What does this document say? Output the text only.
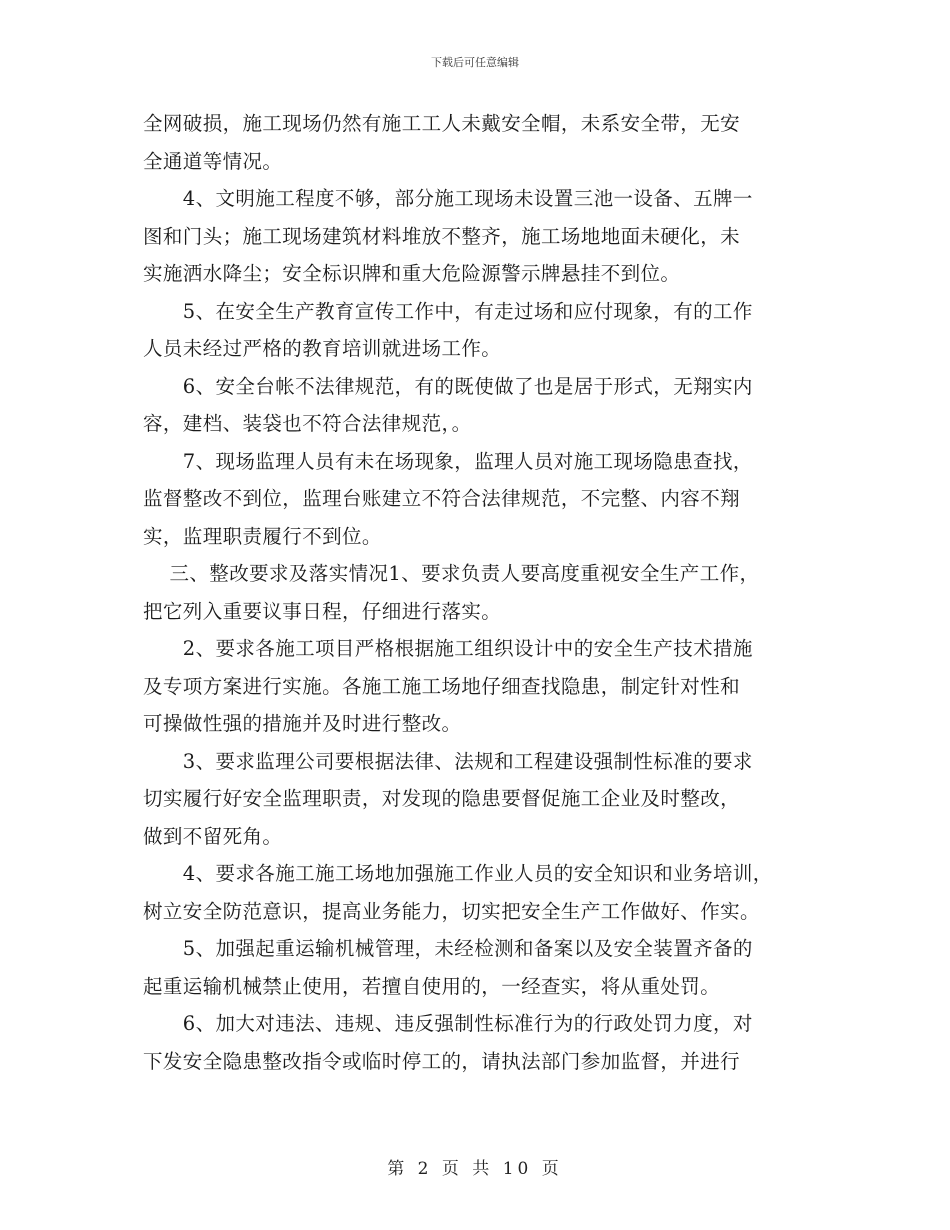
下载后可任意编辑
全网破损，施工现场仍然有施工工人未戴安全帽，未系安全带，无安
全通道等情况。
　　4、文明施工程度不够，部分施工现场未设置三池一设备、五牌一
图和门头；施工现场建筑材料堆放不整齐，施工场地地面未硬化，未
实施洒水降尘；安全标识牌和重大危险源警示牌悬挂不到位。
　　5、在安全生产教育宣传工作中，有走过场和应付现象，有的工作
人员未经过严格的教育培训就进场工作。
　　6、安全台帐不法律规范，有的既使做了也是居于形式，无翔实内
容，建档、装袋也不符合法律规范，。
　　7、现场监理人员有未在场现象，监理人员对施工现场隐患查找，
监督整改不到位，监理台账建立不符合法律规范，不完整、内容不翔
实，监理职责履行不到位。
　 三、整改要求及落实情况1、要求负责人要高度重视安全生产工作，
把它列入重要议事日程，仔细进行落实。
　　2、要求各施工项目严格根据施工组织设计中的安全生产技术措施
及专项方案进行实施。各施工施工场地仔细查找隐患，制定针对性和
可操做性强的措施并及时进行整改。
　　3、要求监理公司要根据法律、法规和工程建设强制性标准的要求
切实履行好安全监理职责，对发现的隐患要督促施工企业及时整改，
做到不留死角。
　　4、要求各施工施工场地加强施工作业人员的安全知识和业务培训，
树立安全防范意识，提高业务能力，切实把安全生产工作做好、作实。
　　5、加强起重运输机械管理，未经检测和备案以及安全装置齐备的
起重运输机械禁止使用，若擅自使用的，一经查实，将从重处罚。
　　6、加大对违法、违规、违反强制性标准行为的行政处罚力度，对
下发安全隐患整改指令或临时停工的，请执法部门参加监督，并进行
第 2 页 共 10 页
